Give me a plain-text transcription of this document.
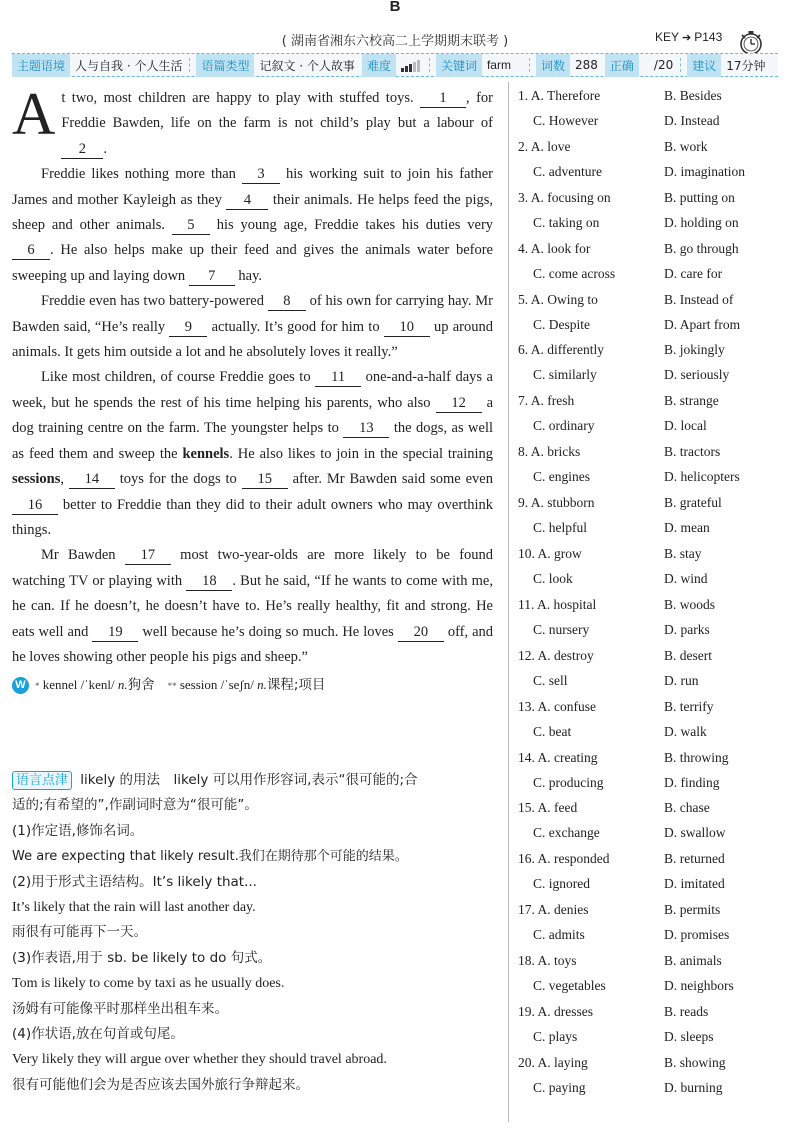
B
( 湖南省湘东六校高二上学期期末联考 )	KEY ➔ P143
主题语境 人与自我 · 个人生活	语篇类型 记叙文 · 个人故事	难度	关键词 farm	词数 288	正确	/20	建议 17分钟

At two, most children are happy to play with stuffed toys. 1 , for Freddie Bawden, life on the farm is not child’s play but a labour of 2 .

Freddie likes nothing more than 3 his working suit to join his father James and mother Kayleigh as they 4 their animals. He helps feed the pigs, sheep and other animals. 5 his young age, Freddie takes his duties very 6 . He also helps make up their feed and gives the animals water before sweeping up and laying down 7 hay.

Freddie even has two battery-powered 8 of his own for carrying hay. Mr Bawden said, “He’s really 9 actually. It’s good for him to 10 up around animals. It gets him outside a lot and he absolutely loves it really.”

Like most children, of course Freddie goes to 11 one-and-a-half days a week, but he spends the rest of his time helping his parents, who also 12 a dog training centre on the farm. The youngster helps to 13 the dogs, as well as feed them and sweep the kennels. He also likes to join in the special training sessions, 14 toys for the dogs to 15 after. Mr Bawden said some even 16 better to Freddie than they did to their adult owners who may overthink things.

Mr Bawden 17 most two-year-olds are more likely to be found watching TV or playing with 18 . But he said, “If he wants to come with me, he can. If he doesn’t, he doesn’t have to. He’s really healthy, fit and strong. He eats well and 19 well because he’s doing so much. He loves 20 off, and he loves showing other people his pigs and sheep.”

W * kennel /ˈkenl/ n.狗舍 ** session /ˈseʃn/ n.课程;项目
语言点津 likely 的用法　likely 可以用作形容词,表示“很可能的;合
适的;有希望的”,作副词时意为“很可能”。
(1)作定语,修饰名词。
We are expecting that likely result.我们在期待那个可能的结果。
(2)用于形式主语结构。It’s likely that...
It’s likely that the rain will last another day.
雨很有可能再下一天。
(3)作表语,用于 sb. be likely to do 句式。
Tom is likely to come by taxi as he usually does.
汤姆有可能像平时那样坐出租车来。
(4)作状语,放在句首或句尾。
Very likely they will argue over whether they should travel abroad.
很有可能他们会为是否应该去国外旅行争辩起来。
1. A. Therefore	B. Besides
C. However	D. Instead
2. A. love	B. work
C. adventure	D. imagination
3. A. focusing on	B. putting on
C. taking on	D. holding on
4. A. look for	B. go through
C. come across	D. care for
5. A. Owing to	B. Instead of
C. Despite	D. Apart from
6. A. differently	B. jokingly
C. similarly	D. seriously
7. A. fresh	B. strange
C. ordinary	D. local
8. A. bricks	B. tractors
C. engines	D. helicopters
9. A. stubborn	B. grateful
C. helpful	D. mean
10. A. grow	B. stay
C. look	D. wind
11. A. hospital	B. woods
C. nursery	D. parks
12. A. destroy	B. desert
C. sell	D. run
13. A. confuse	B. terrify
C. beat	D. walk
14. A. creating	B. throwing
C. producing	D. finding
15. A. feed	B. chase
C. exchange	D. swallow
16. A. responded	B. returned
C. ignored	D. imitated
17. A. denies	B. permits
C. admits	D. promises
18. A. toys	B. animals
C. vegetables	D. neighbors
19. A. dresses	B. reads
C. plays	D. sleeps
20. A. laying	B. showing
C. paying	D. burning
